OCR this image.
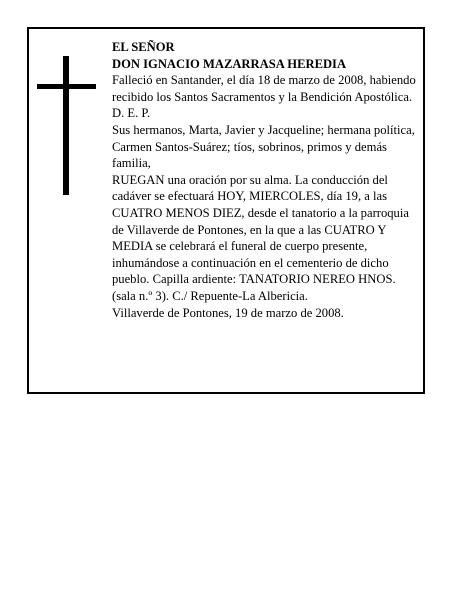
EL SEÑOR

DON IGNACIO MAZARRASA HEREDIA

Falleció en Santander, el día 18 de marzo de 2008, habiendo recibido los Santos Sacramentos y la Bendición Apostólica.

D. E. P.

Sus hermanos, Marta, Javier y Jacqueline; hermana política, Carmen Santos-Suárez; tíos, sobrinos, primos y demás familia,

RUEGAN una oración por su alma. La conducción del cadáver se efectuará HOY, MIERCOLES, día 19, a las CUATRO MENOS DIEZ, desde el tanatorio a la parroquia de Villaverde de Pontones, en la que a las CUATRO Y MEDIA se celebrará el funeral de cuerpo presente, inhumándose a continuación en el cementerio de dicho pueblo. Capilla ardiente: TANATORIO NEREO HNOS. (sala n.º 3). C./ Repuente-La Albericia.

Villaverde de Pontones, 19 de marzo de 2008.
